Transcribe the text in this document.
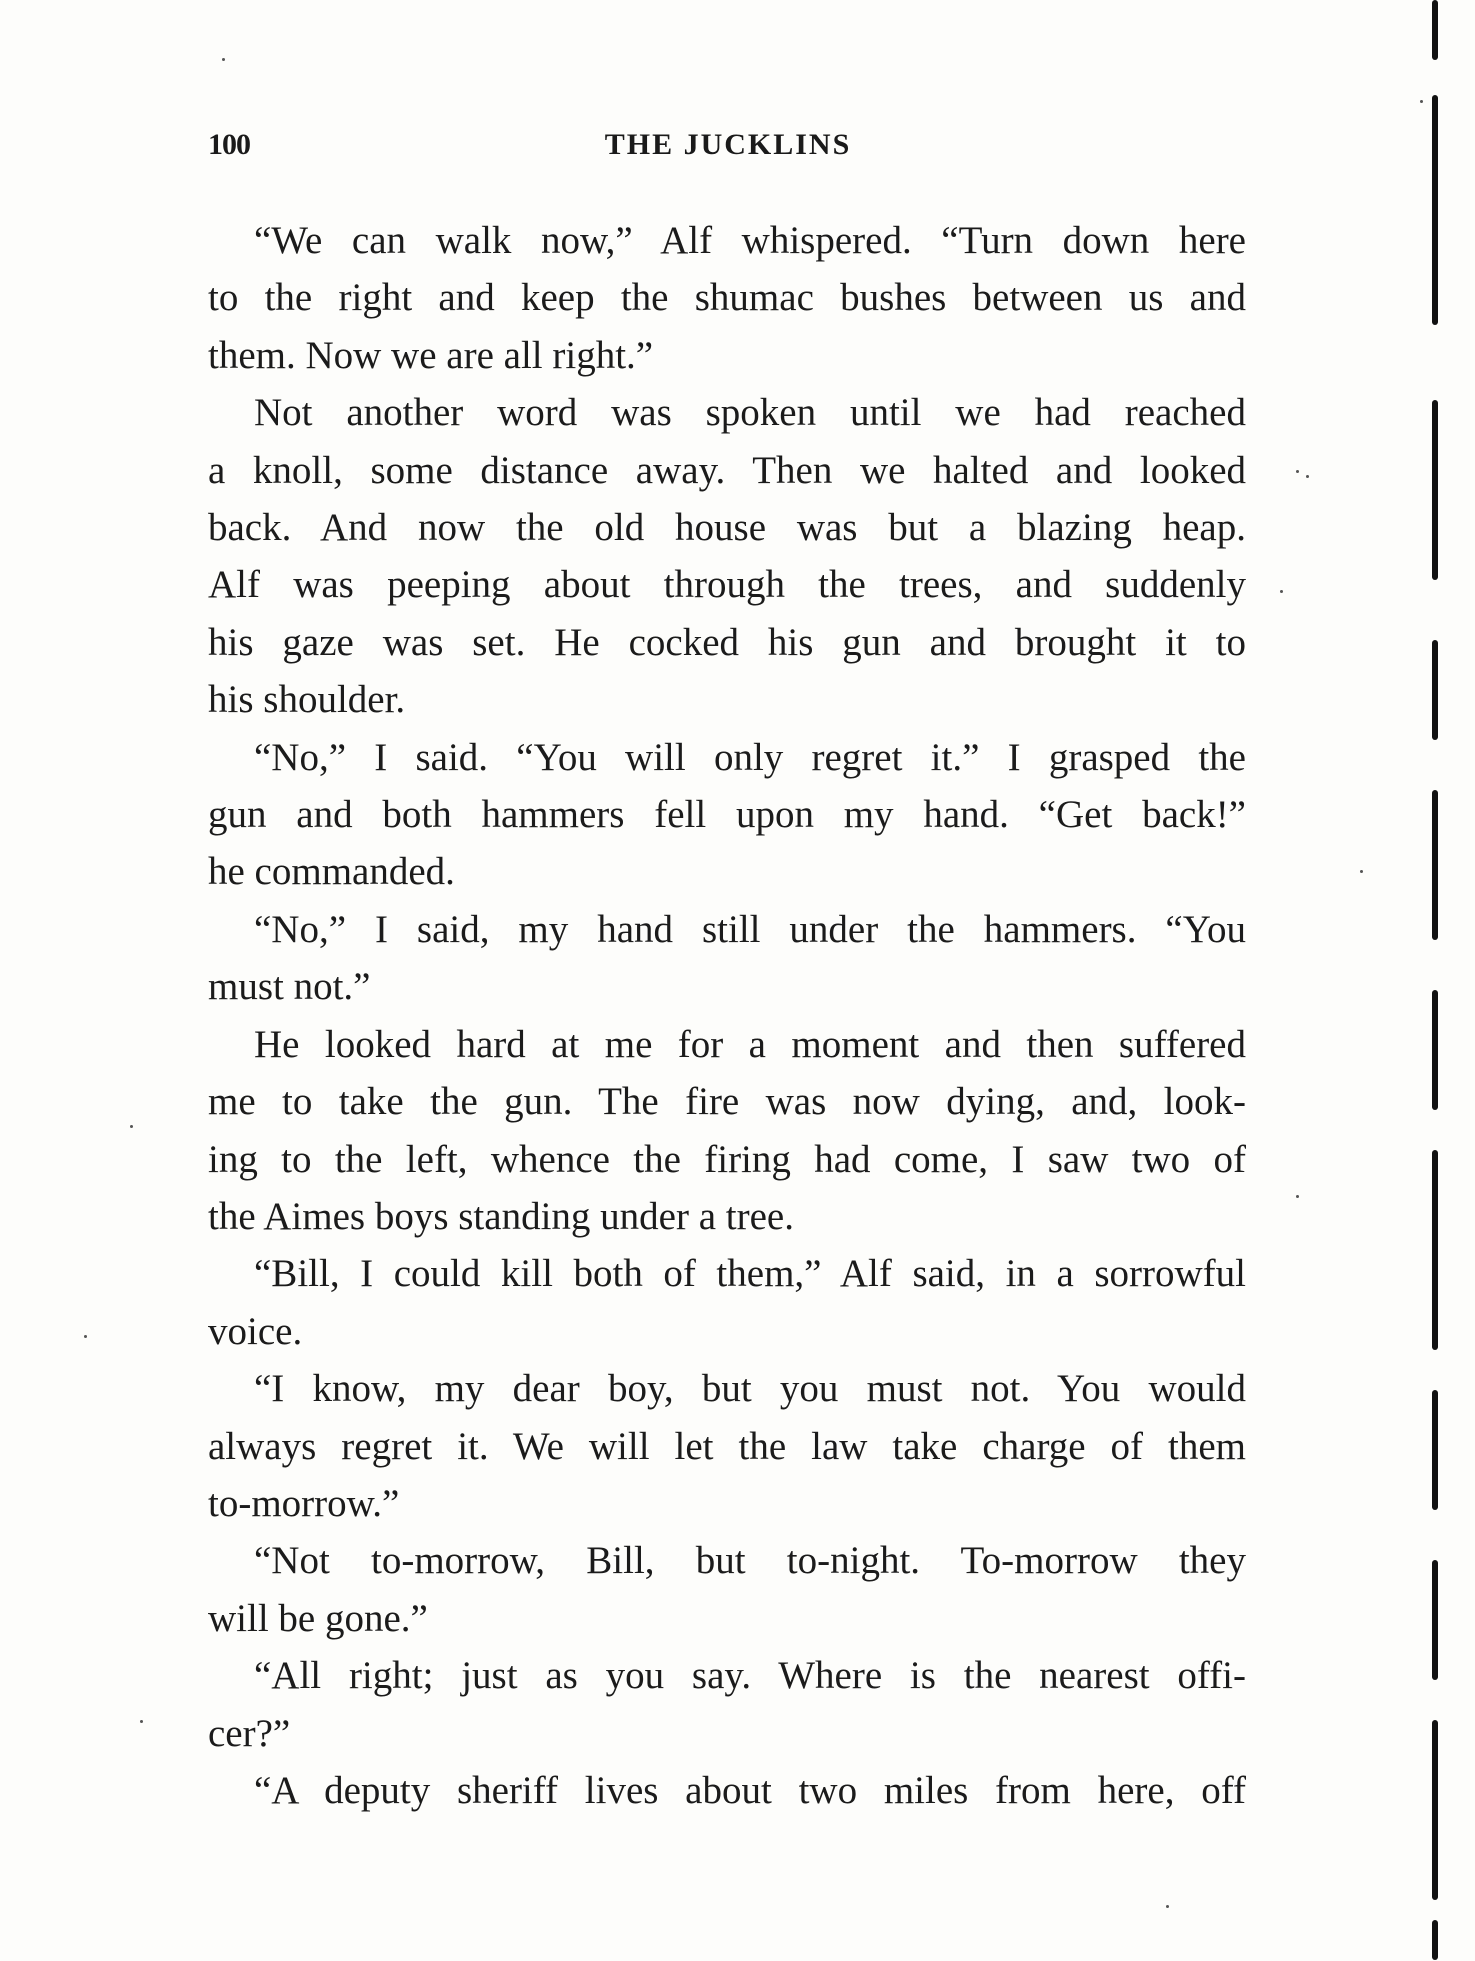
100	THE JUCKLINS
“We can walk now,” Alf whispered. “Turn down here
to the right and keep the shumac bushes between us and
them. Now we are all right.”
Not another word was spoken until we had reached
a knoll, some distance away. Then we halted and looked
back. And now the old house was but a blazing heap.
Alf was peeping about through the trees, and suddenly
his gaze was set. He cocked his gun and brought it to
his shoulder.
“No,” I said. “You will only regret it.” I grasped the
gun and both hammers fell upon my hand. “Get back!”
he commanded.
“No,” I said, my hand still under the hammers. “You
must not.”
He looked hard at me for a moment and then suffered
me to take the gun. The fire was now dying, and, look-
ing to the left, whence the firing had come, I saw two of
the Aimes boys standing under a tree.
“Bill, I could kill both of them,” Alf said, in a sorrowful
voice.
“I know, my dear boy, but you must not. You would
always regret it. We will let the law take charge of them
to-morrow.”
“Not to-morrow, Bill, but to-night. To-morrow they
will be gone.”
“All right; just as you say. Where is the nearest offi-
cer?”
“A deputy sheriff lives about two miles from here, off
